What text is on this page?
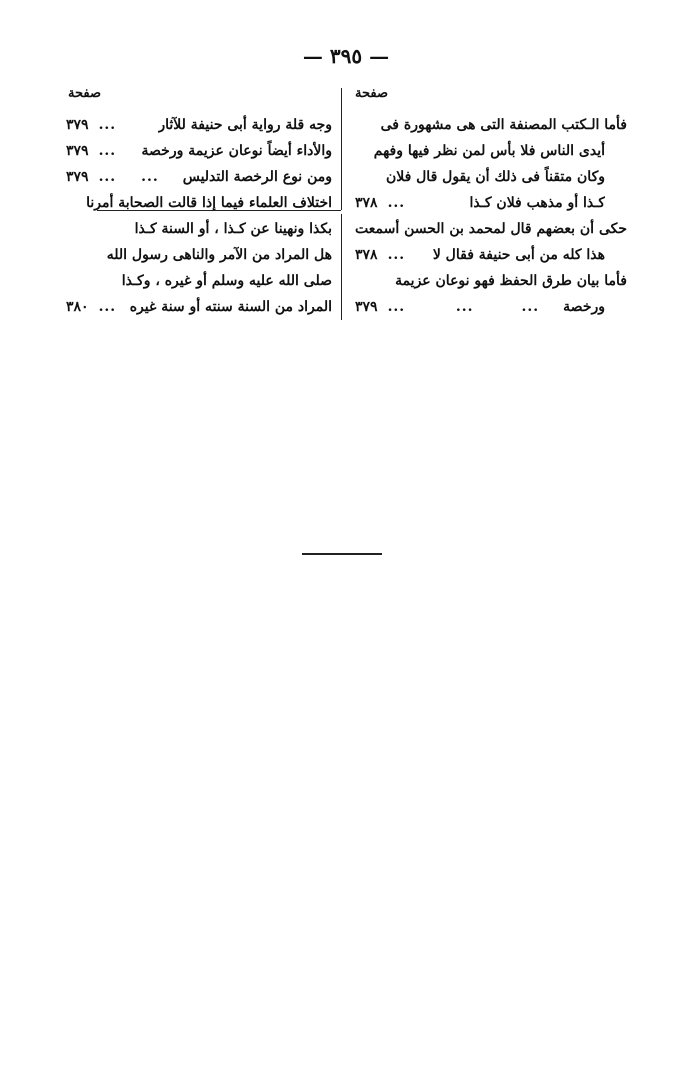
— ٣٩٥ —
صفحة
صفحة
فأما الـكتب المصنفة التى هى مشهورة فى
أيدى الناس فلا بأس لمن نظر فيها وفهم
وكان متقناً فى ذلك أن يقول قال فلان
كـذا أو مذهب فلان كـذا
...
٣٧٨
حكى أن بعضهم قال لمحمد بن الحسن أسمعت
هذا كله من أبى حنيفة فقال لا
...
٣٧٨
فأما بيان طرق الحفظ فهو نوعان عزيمة
ورخصة
...
...
...
٣٧٩
وجه قلة رواية أبى حنيفة للآثار
...
٣٧٩
والأداء أيضاً نوعان عزيمة ورخصة
...
٣٧٩
ومن نوع الرخصة التدليس
...
...
٣٧٩
اختلاف العلماء فيما إذا قالت الصحابة أمرنا
بكذا ونهينا عن كـذا ، أو السنة كـذا
هل المراد من الآمر والناهى رسول الله
صلى الله عليه وسلم أو غيره ، وكـذا
المراد من السنة سنته أو سنة غيره
...
٣٨٠
